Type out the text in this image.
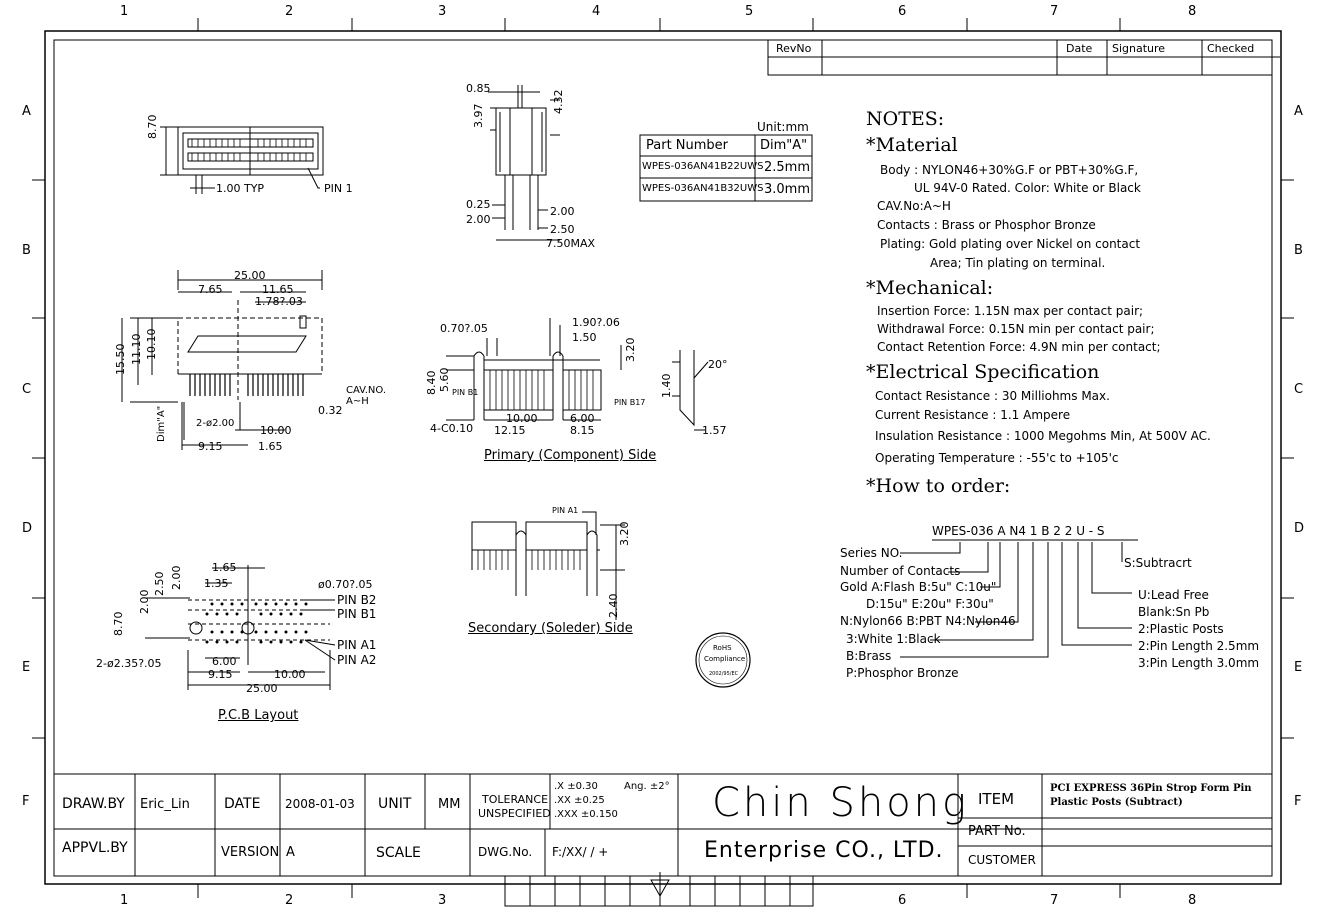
1	2	3	4	5	6	7	8
1	2	3	6	7	8
A
B
C
D
E
F
A
B
C
D
E
F
RevNo	Date Signature	Checked
Unit:mm
Part Number Dim"A"
WPES-036AN41B22UWS 2.5mm
WPES-036AN41B32UWS 3.0mm
NOTES:
*Material
Body : NYLON46+30%G.F or PBT+30%G.F,
UL 94V-0 Rated. Color: White or Black
CAV.No:A~H
Contacts : Brass or Phosphor Bronze
Plating: Gold plating over Nickel on contact
Area; Tin plating on terminal.
*Mechanical:
Insertion Force: 1.15N max per contact pair;
Withdrawal Force: 0.15N min per contact pair;
Contact Retention Force: 4.9N min per contact;
*Electrical Specification
Contact Resistance : 30 Milliohms Max.
Current Resistance : 1.1 Ampere
Insulation Resistance : 1000 Megohms Min, At 500V AC.
Operating Temperature : -55'c to +105'c
*How to order:
WPES-036 A N4 1 B 2 2 U - S
Series NO.
Number of Contacts
Gold A:Flash B:5u" C:10u"
D:15u" E:20u" F:30u"
N:Nylon66 B:PBT N4:Nylon46
3:White 1:Black
B:Brass
P:Phosphor Bronze
S:Subtracrt
U:Lead Free
Blank:Sn Pb
2:Plastic Posts
2:Pin Length 2.5mm
3:Pin Length 3.0mm
8.70
1.00 TYP	PIN 1
0.85
3.97
4.32
0.25
2.00
2.00
2.50
7.50MAX
25.00
7.65	11.65
1.78?.03
15.50 11.10 10.10
CAV.NO.
A~H
0.32
Dim"A"	2-ø2.00
10.00
9.15	1.65
0.70?.05	1.90?.06
1.50	3.20
8.40 5.60
PIN B1
PIN B17
4-C0.10
10.00
12.15
6.00
8.15
Primary (Component) Side
1.40
20°
1.57
PIN A1
3.20
2.40
Secondary (Soleder) Side
1.65
1.35
2.50 2.00
2.00
8.70
ø0.70?.05
PIN B2
PIN B1
PIN A1
PIN A2
2-ø2.35?.05	6.00
9.15	10.00
25.00
P.C.B Layout
RoHS
Compliance
2002/95/EC
DRAW.BY Eric_Lin DATE 2008-01-03 UNIT MM TOLERANCE
UNSPECIFIED
.X ±0.30	Ang. ±2°
.XX ±0.25
.XXX ±0.150
APPVL.BY	VERSION A	SCALE	DWG.No. F:/XX/ / +
Chin Shong
Enterprise CO., LTD.
ITEM
PCI EXPRESS 36Pin Strop Form Pin
Plastic Posts (Subtract)
PART No.
CUSTOMER
